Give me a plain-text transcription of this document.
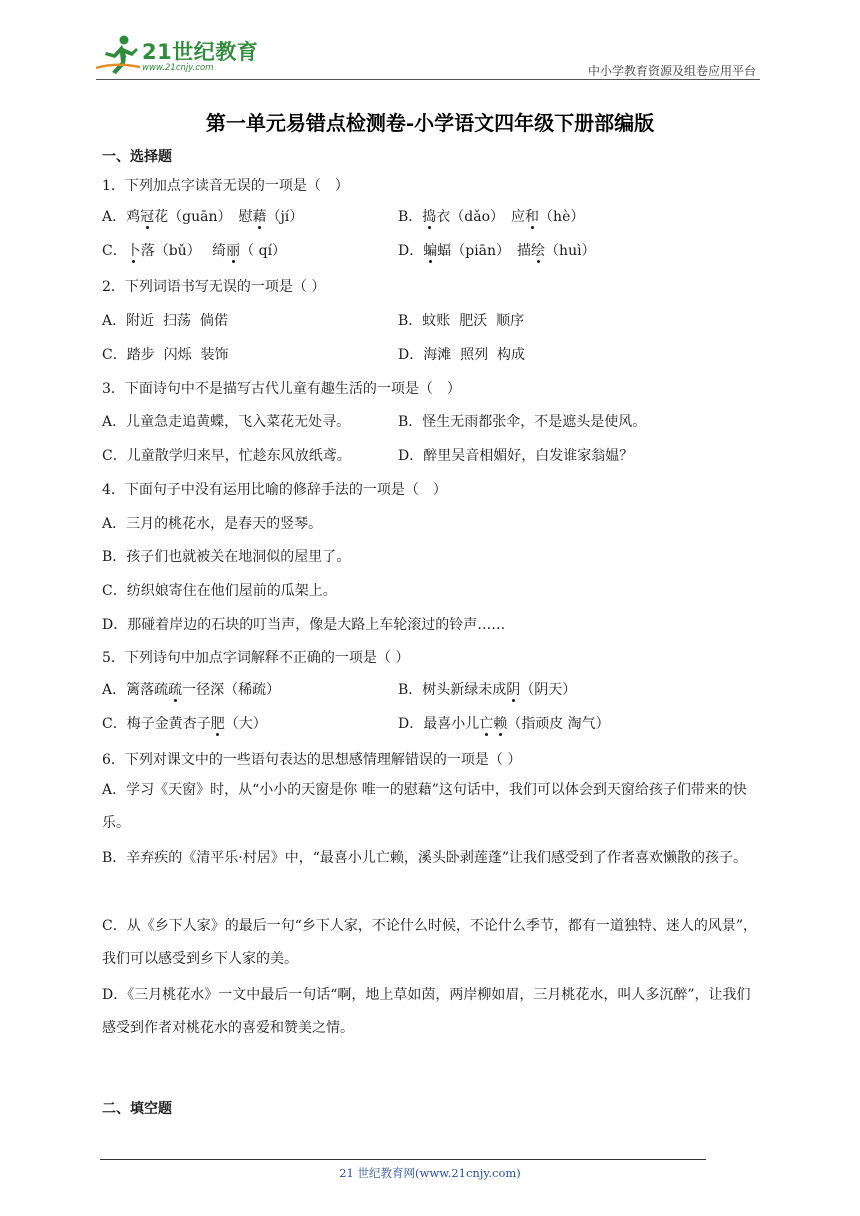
21世纪教育
www.21cnjy.com	中小学教育资源及组卷应用平台
第一单元易错点检测卷-小学语文四年级下册部编版
一、选择题
1．下列加点字读音无误的一项是（　）
A．鸡冠花（guān）　慰藉（jí）	B．捣衣（dǎo）　应和（hè）
C．卜落（bǔ）　 绮丽（ qí）	D．蝙蝠（piān）　描绘（huì）
2．下列词语书写无误的一项是（ ）
A．附近  扫荡  倘偌	B．蚊账  肥沃  顺序
C．踏步  闪烁  装饰	D．海滩  照列  构成
3．下面诗句中不是描写古代儿童有趣生活的一项是（　）
A．儿童急走追黄蝶，飞入菜花无处寻。	B．怪生无雨都张伞，不是遮头是使风。
C．儿童散学归来早，忙趁东风放纸鸢。	D．醉里吴音相媚好，白发谁家翁媪？
4．下面句子中没有运用比喻的修辞手法的一项是（　）
A．三月的桃花水，是春天的竖琴。
B．孩子们也就被关在地洞似的屋里了。
C．纺织娘寄住在他们屋前的瓜架上。
D．那碰着岸边的石块的叮当声，像是大路上车轮滚过的铃声……
5．下列诗句中加点字词解释不正确的一项是（ ）
A．篱落疏疏一径深（稀疏）	B．树头新绿未成阴（阴天）
C．梅子金黄杏子肥（大）	D．最喜小儿亡赖（指顽皮 淘气）
6．下列对课文中的一些语句表达的思想感情理解错误的一项是（ ）
A．学习《天窗》时，从“小小的天窗是你 唯一的慰藉”这句话中，我们可以体会到天窗给孩子们带来的快乐。
B．辛弃疾的《清平乐·村居》中，“最喜小儿亡赖，溪头卧剥莲蓬”让我们感受到了作者喜欢懒散的孩子。
C．从《乡下人家》的最后一句“乡下人家，不论什么时候，不论什么季节，都有一道独特、迷人的风景”，我们可以感受到乡下人家的美。
D．《三月桃花水》一文中最后一句话“啊，地上草如茵，两岸柳如眉，三月桃花水，叫人多沉醉”，让我们感受到作者对桃花水的喜爱和赞美之情。
二、填空题
21 世纪教育网(www.21cnjy.com)
